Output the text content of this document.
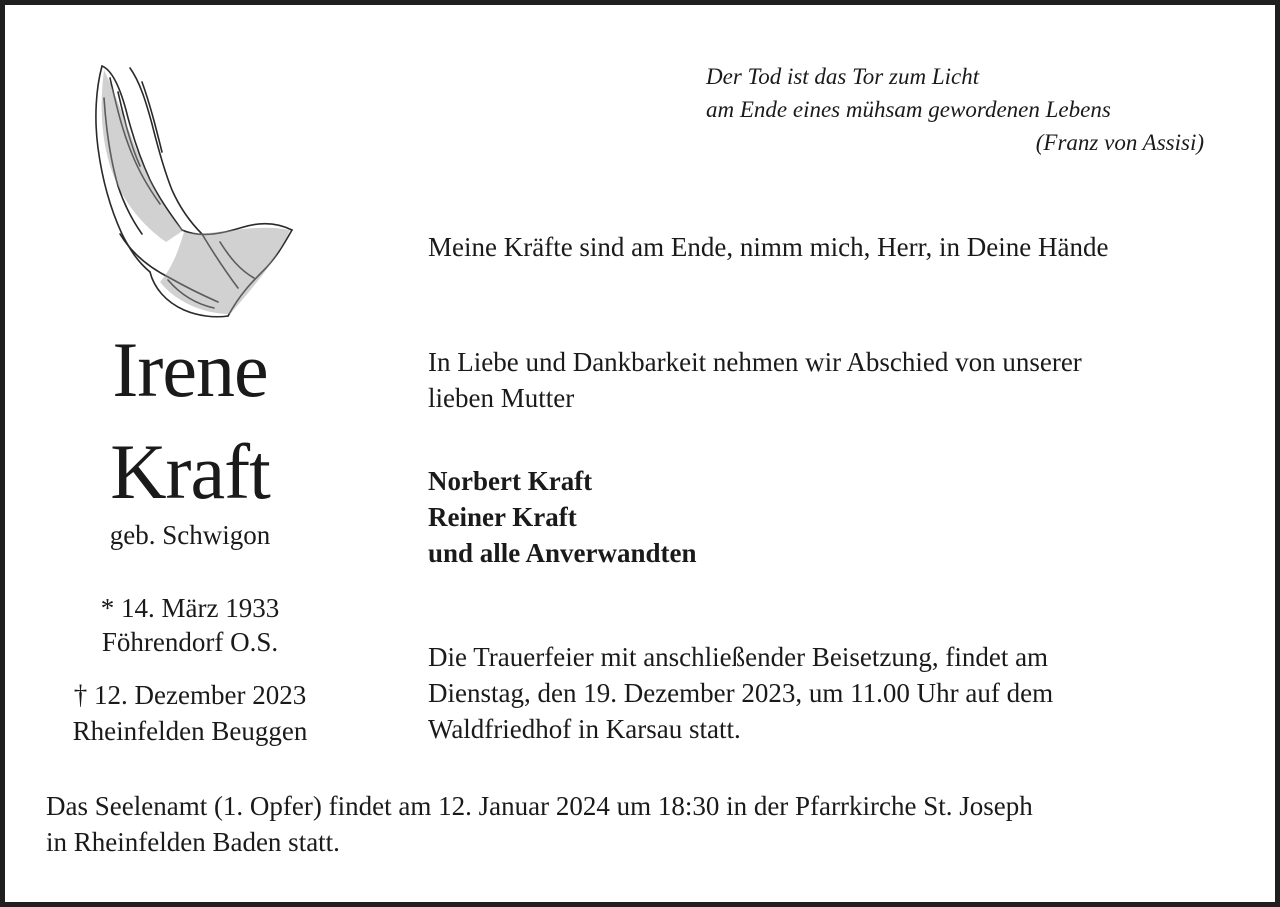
Der Tod ist das Tor zum Licht
am Ende eines mühsam gewordenen Lebens
(Franz von Assisi)
Irene
Kraft
geb. Schwigon
* 14. März 1933
Föhrendorf O.S.
† 12. Dezember 2023
Rheinfelden Beuggen
Meine Kräfte sind am Ende, nimm mich, Herr, in Deine Hände
In Liebe und Dankbarkeit nehmen wir Abschied von unserer
lieben Mutter
Norbert Kraft
Reiner Kraft
und alle Anverwandten
Die Trauerfeier mit anschließender Beisetzung, findet am
Dienstag, den 19. Dezember 2023, um 11.00 Uhr auf dem
Waldfriedhof in Karsau statt.
Das Seelenamt (1. Opfer) findet am 12. Januar 2024 um 18:30 in der Pfarrkirche St. Joseph
in Rheinfelden Baden statt.
